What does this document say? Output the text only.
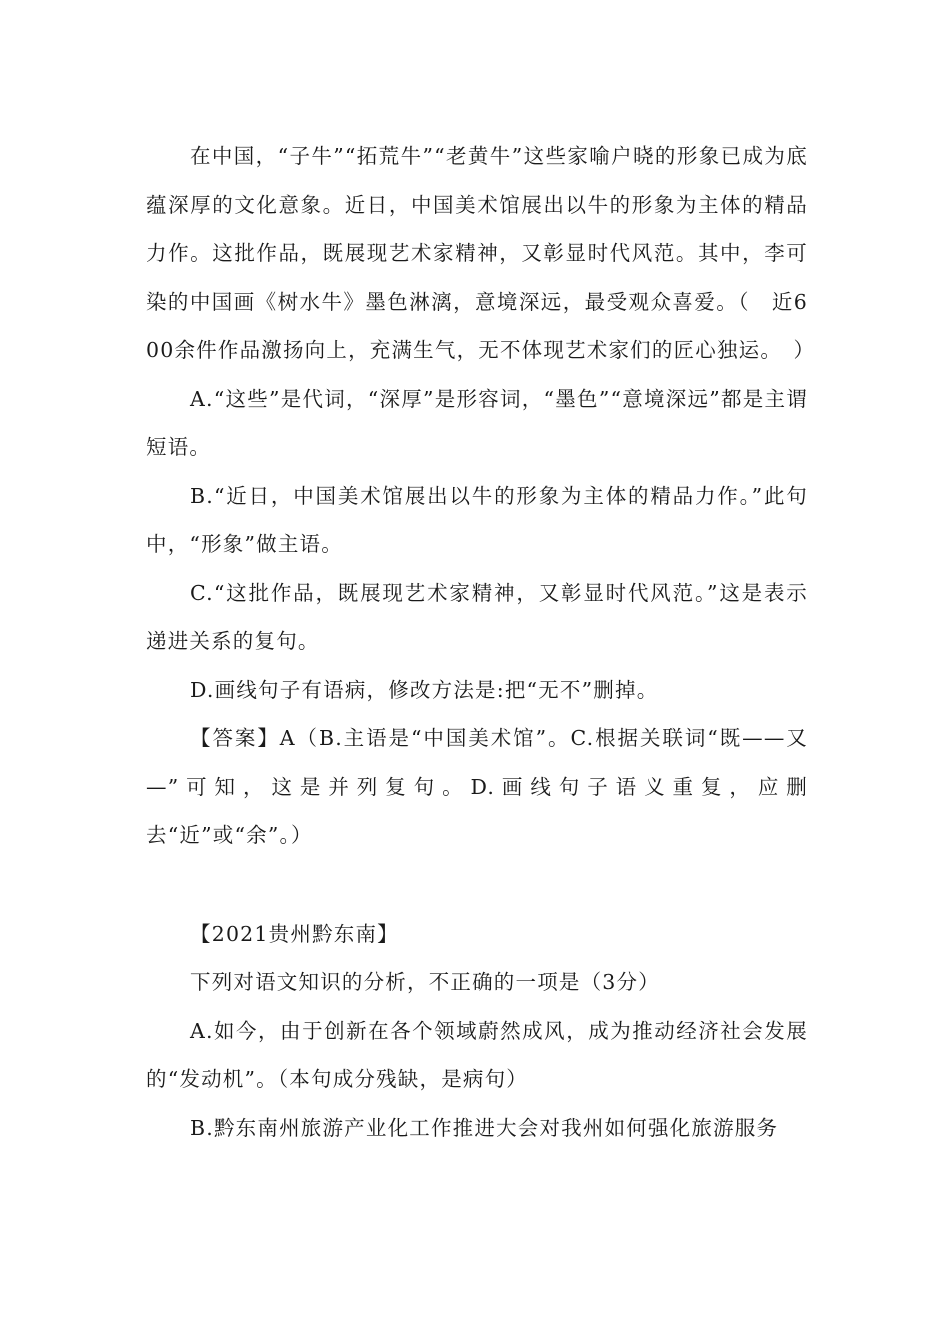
在中国，“子牛”“拓荒牛”“老黄牛”这些家喻户晓的形象已成为底蕴深厚的文化意象。近日，中国美术馆展出以牛的形象为主体的精品力作。这批作品，既展现艺术家精神，又彰显时代风范。其中，李可染的中国画《树水牛》墨色淋漓，意境深远，最受观众喜爱。（　近600余件作品激扬向上，充满生气，无不体现艺术家们的匠心独运。　）

A.“这些”是代词，“深厚”是形容词，“墨色”“意境深远”都是主谓短语。

B.“近日，中国美术馆展出以牛的形象为主体的精品力作。”此句中，“形象”做主语。

C.“这批作品，既展现艺术家精神，又彰显时代风范。”这是表示递进关系的复句。

D.画线句子有语病，修改方法是:把“无不”删掉。

【答案】A（B.主语是“中国美术馆”。C.根据关联词“既——又—”可知，这是并列复句。D.画线句子语义重复，应删去“近”或“余”。）

【2021贵州黔东南】

下列对语文知识的分析，不正确的一项是（3分）

A.如今，由于创新在各个领域蔚然成风，成为推动经济社会发展的“发动机”。（本句成分残缺，是病句）

B.黔东南州旅游产业化工作推进大会对我州如何强化旅游服务
